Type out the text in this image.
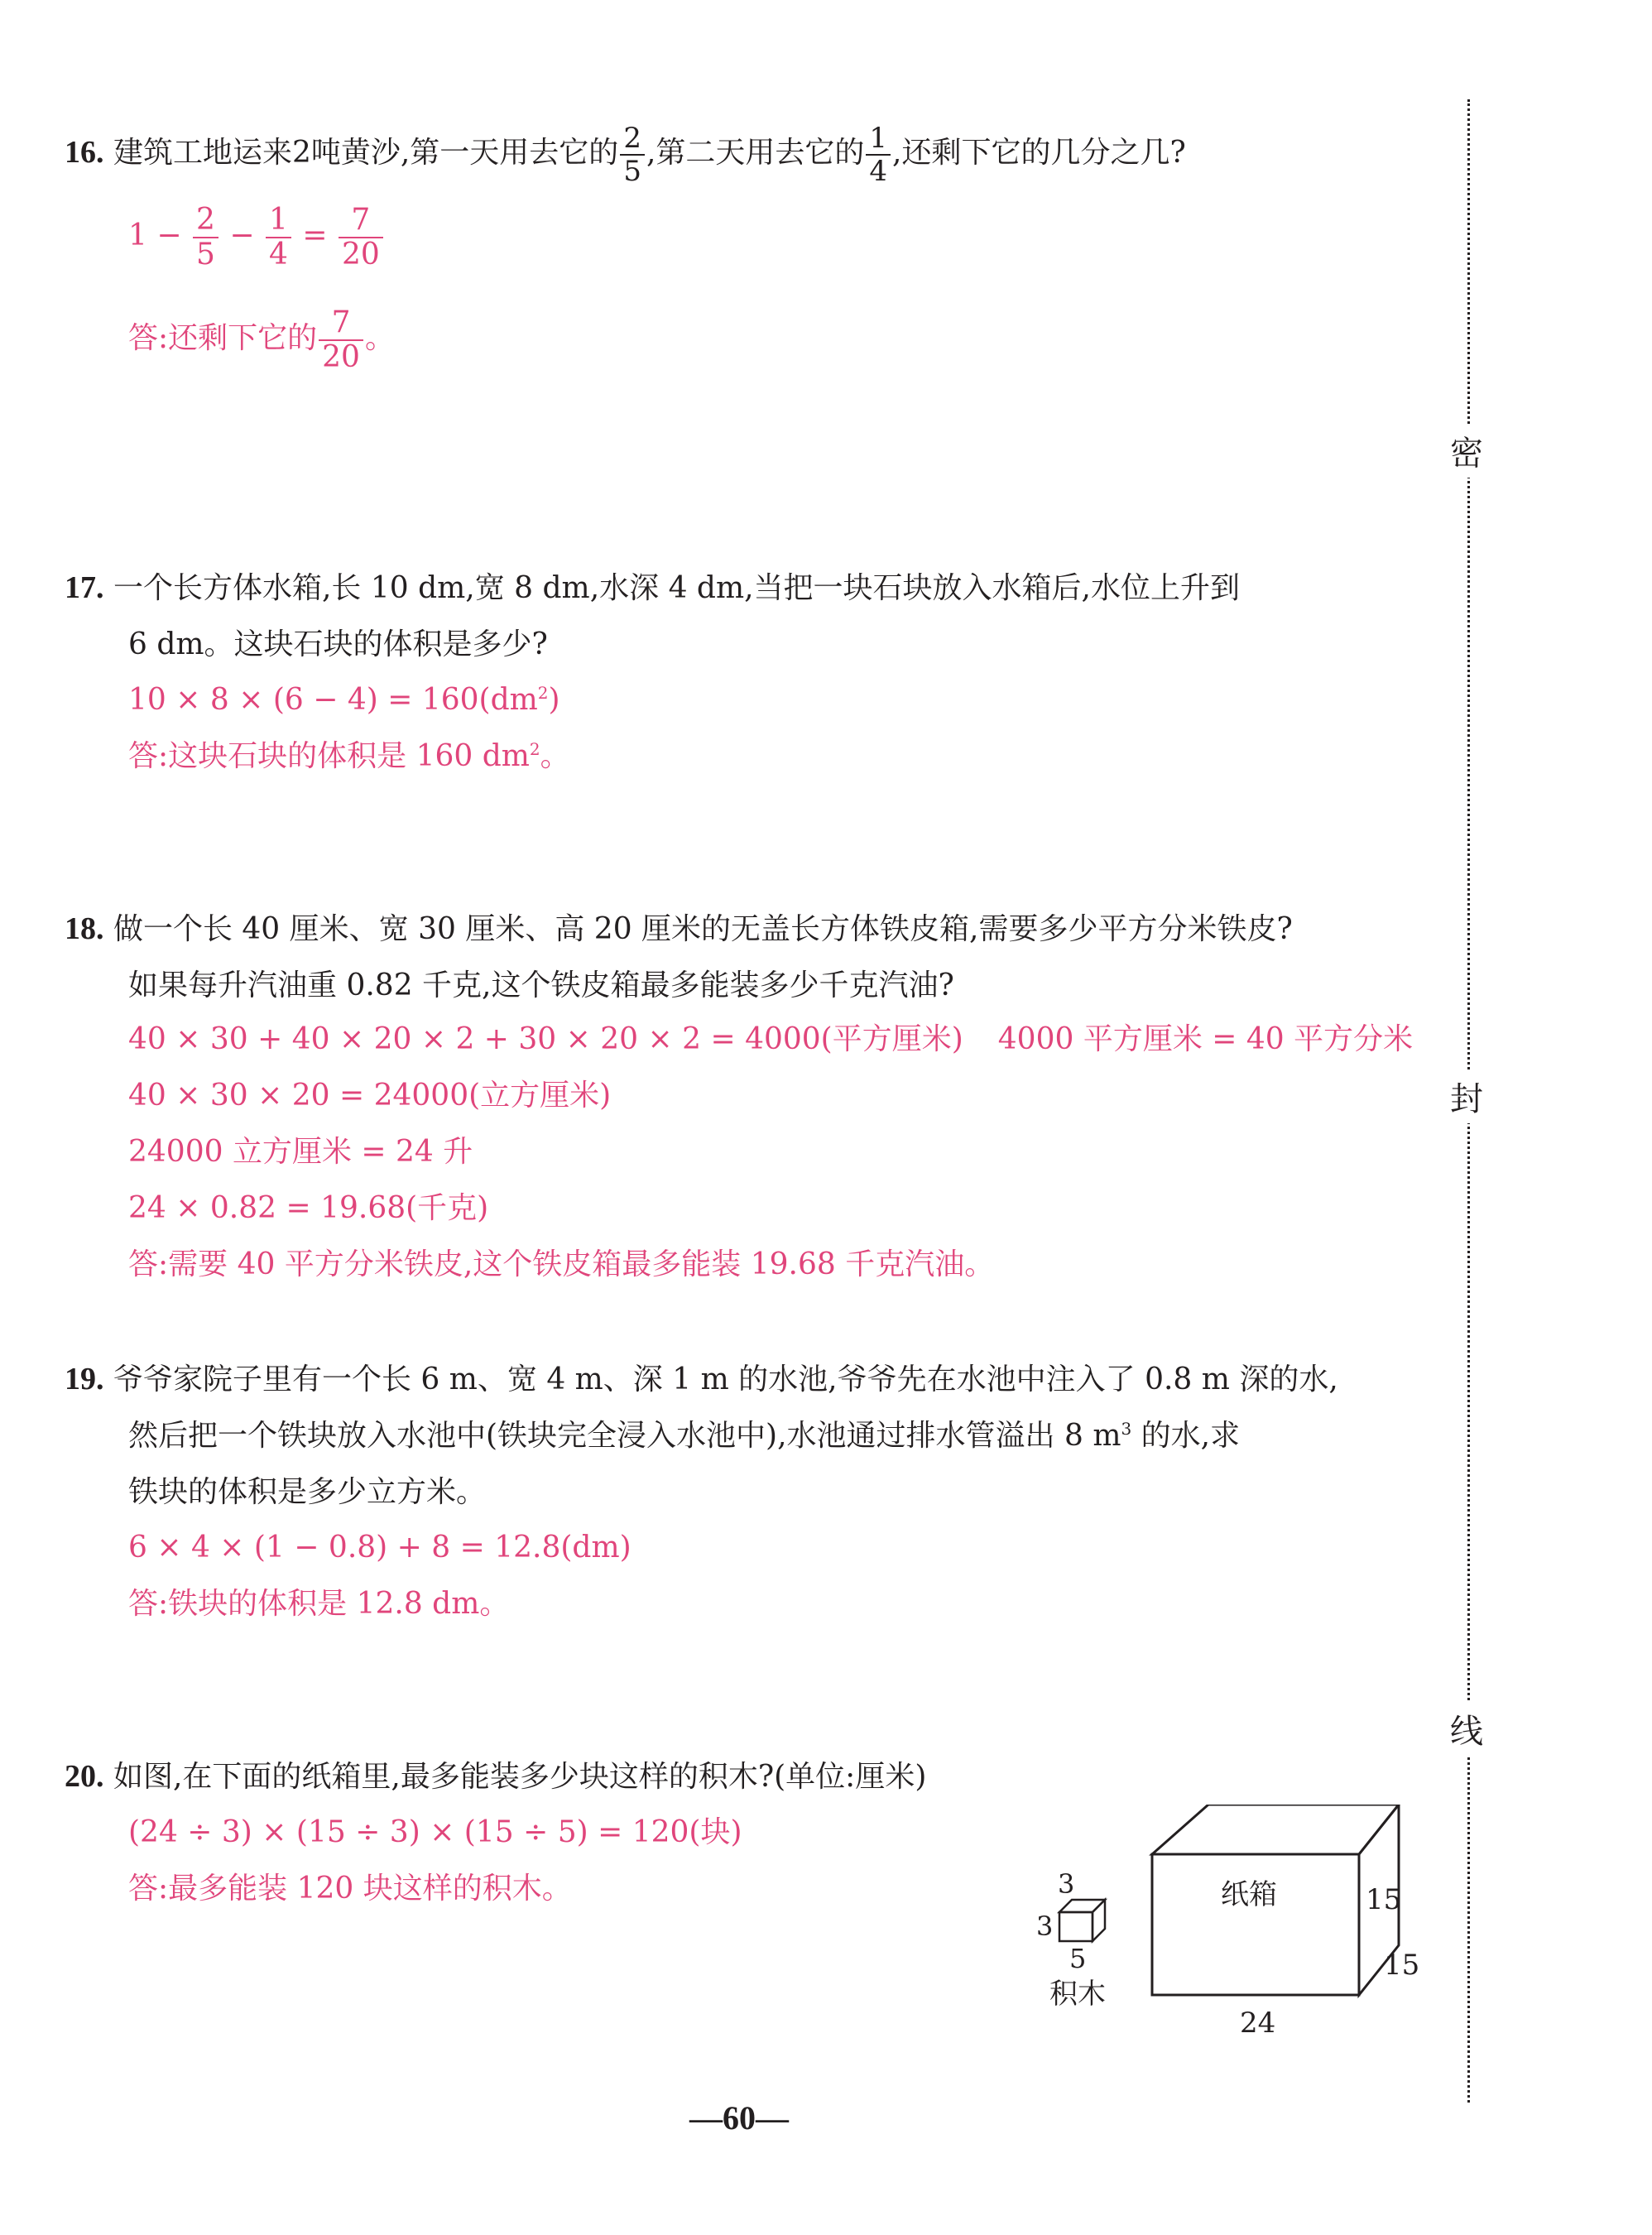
16. 建筑工地运来2吨黄沙,第一天用去它的 $\frac{2}{5}$ ,第二天用去它的 $\frac{1}{4}$ ,还剩下它的几分之几?
$1 - \frac{2}{5} - \frac{1}{4} = \frac{7}{20}$
答:还剩下它的 $\frac{7}{20}$ 。
17. 一个长方体水箱,长 10 dm,宽 8 dm,水深 4 dm,当把一块石块放入水箱后,水位上升到
6 dm。这块石块的体积是多少?
$10 \times 8 \times (6 - 4) = 160(dm^2)$
答:这块石块的体积是 160 $dm^2$。
18. 做一个长 40 厘米、宽 30 厘米、高 20 厘米的无盖长方体铁皮箱,需要多少平方分米铁皮?
如果每升汽油重 0.82 千克,这个铁皮箱最多能装多少千克汽油?
40 × 30 + 40 × 20 × 2 + 30 × 20 × 2 = 4000(平方厘米) 4000 平方厘米 = 40 平方分米
40 × 30 × 20 = 24000(立方厘米)
24000 立方厘米 = 24 升
24 × 0.82 = 19.68(千克)
答:需要 40 平方分米铁皮,这个铁皮箱最多能装 19.68 千克汽油。
19. 爷爷家院子里有一个长 6 m、宽 4 m、深 1 m 的水池,爷爷先在水池中注入了 0.8 m 深的水,
然后把一个铁块放入水池中(铁块完全浸入水池中),水池通过排水管溢出 8 $m^3$ 的水,求
铁块的体积是多少立方米。
6 × 4 × (1 − 0.8) + 8 = 12.8(dm)
答:铁块的体积是 12.8 dm。
20. 如图,在下面的纸箱里,最多能装多少块这样的积木?(单位:厘米)
(24 ÷ 3) × (15 ÷ 3) × (15 ÷ 5) = 120(块)
答:最多能装 120 块这样的积木。	3
3
5
积木
纸箱	15
15
24
密
封
线
—60—
